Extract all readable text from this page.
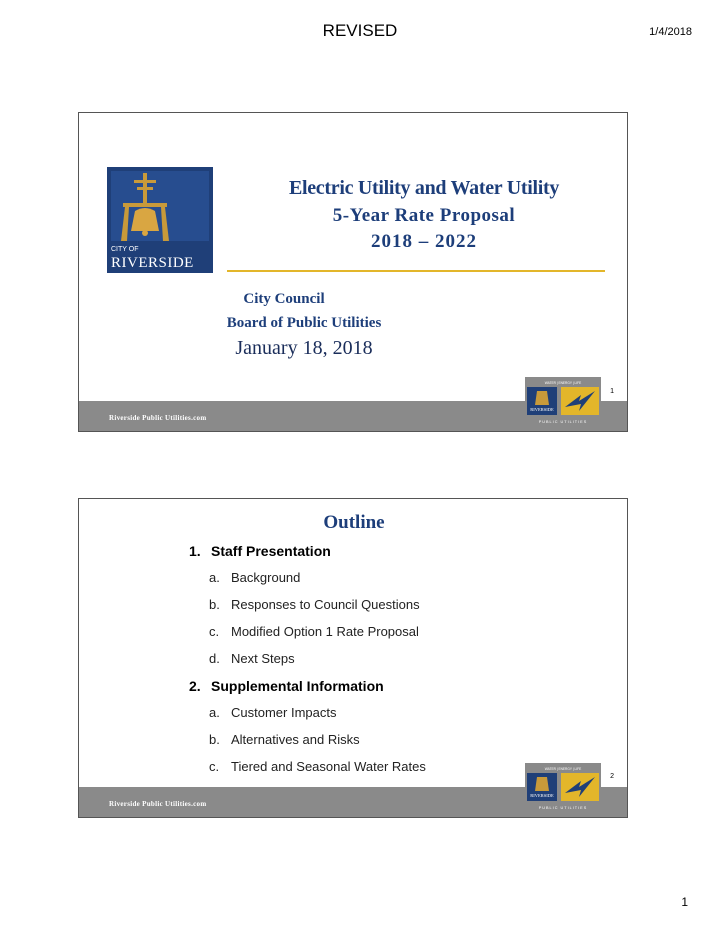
REVISED	1/4/2018
CITY OF
RIVERSIDE
Electric Utility and Water Utility
5-Year Rate Proposal
2018 – 2022
City Council
Board of Public Utilities
January 18, 2018
1
Riverside Public Utilities.com
WATER | ENERGY | LIFE
RIVERSIDE
PUBLIC UTILITIES
Outline
1. Staff Presentation
a. Background
b. Responses to Council Questions
c. Modified Option 1 Rate Proposal
d. Next Steps
2. Supplemental Information
a. Customer Impacts
b. Alternatives and Risks
c. Tiered and Seasonal Water Rates
2
Riverside Public Utilities.com
WATER | ENERGY | LIFE
RIVERSIDE
PUBLIC UTILITIES
1
